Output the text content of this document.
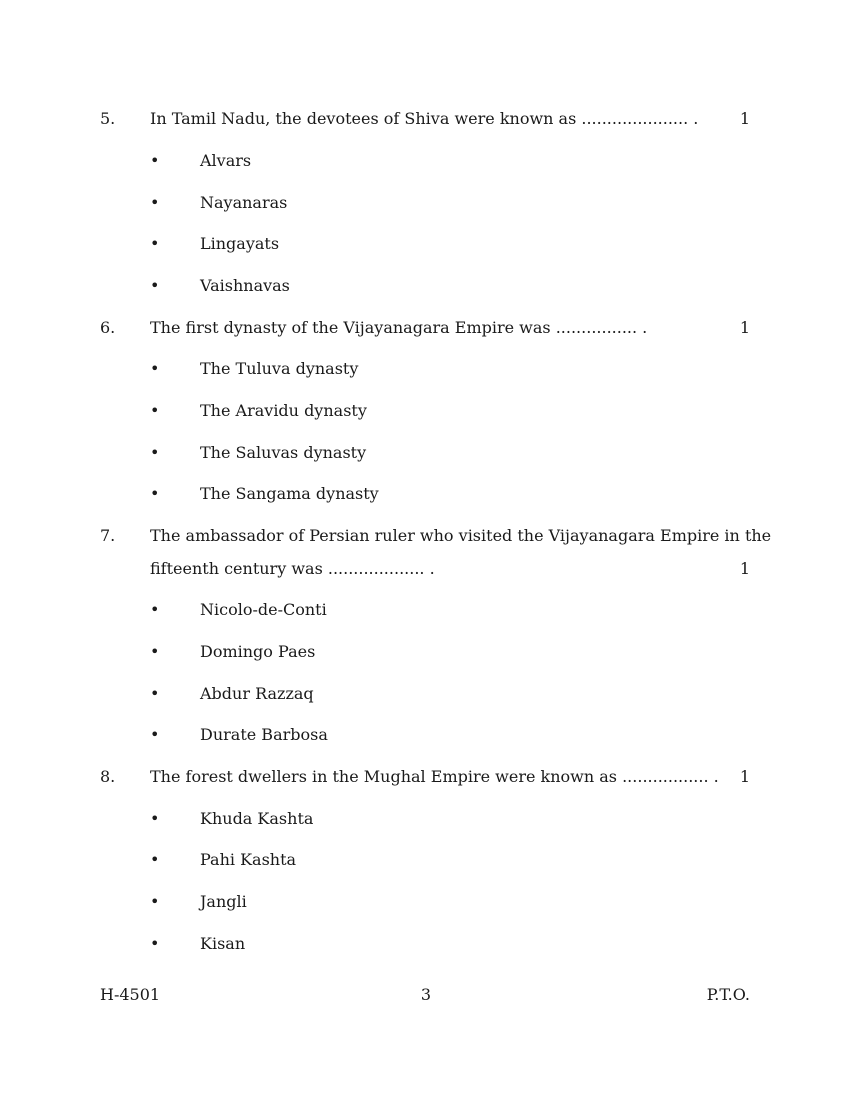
5. In Tamil Nadu, the devotees of Shiva were known as ..................... .	1
•	Alvars
•	Nayanaras
•	Lingayats
•	Vaishnavas
6. The first dynasty of the Vijayanagara Empire was ................ .	1
•	The Tuluva dynasty
•	The Aravidu dynasty
•	The Saluvas dynasty
•	The Sangama dynasty
7. The ambassador of Persian ruler who visited the Vijayanagara Empire in the
fifteenth century was ................... .	1
•	Nicolo-de-Conti
•	Domingo Paes
•	Abdur Razzaq
•	Durate Barbosa
8. The forest dwellers in the Mughal Empire were known as ................. . 1
•	Khuda Kashta
•	Pahi Kashta
•	Jangli
•	Kisan
H-4501	3	P.T.O.
